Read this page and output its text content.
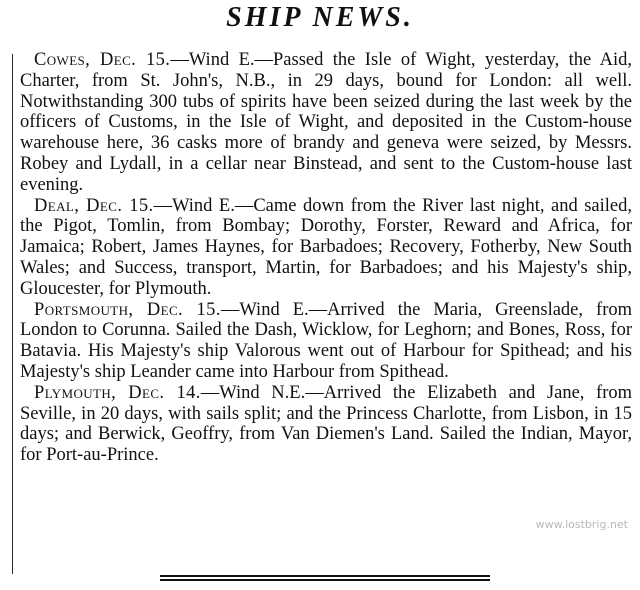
SHIP NEWS.

Cowes, Dec. 15.—Wind E.—Passed the Isle of Wight, yesterday, the Aid, Charter, from St. John's, N.B., in 29 days, bound for London: all well. Notwithstanding 300 tubs of spirits have been seized during the last week by the officers of Customs, in the Isle of Wight, and deposited in the Custom-house warehouse here, 36 casks more of brandy and geneva were seized, by Messrs. Robey and Lydall, in a cellar near Binstead, and sent to the Custom-house last evening.

Deal, Dec. 15.—Wind E.—Came down from the River last night, and sailed, the Pigot, Tomlin, from Bombay; Dorothy, Forster, Reward and Africa, for Jamaica; Robert, James Haynes, for Barbadoes; Recovery, Fotherby, New South Wales; and Success, transport, Martin, for Barbadoes; and his Majesty's ship, Gloucester, for Plymouth.

Portsmouth, Dec. 15.—Wind E.—Arrived the Maria, Greenslade, from London to Corunna. Sailed the Dash, Wicklow, for Leghorn; and Bones, Ross, for Batavia. His Majesty's ship Valorous went out of Harbour for Spithead; and his Majesty's ship Leander came into Harbour from Spithead.

Plymouth, Dec. 14.—Wind N.E.—Arrived the Elizabeth and Jane, from Seville, in 20 days, with sails split; and the Princess Charlotte, from Lisbon, in 15 days; and Berwick, Geoffry, from Van Diemen's Land. Sailed the Indian, Mayor, for Port-au-Prince.

www.lostbrig.net
